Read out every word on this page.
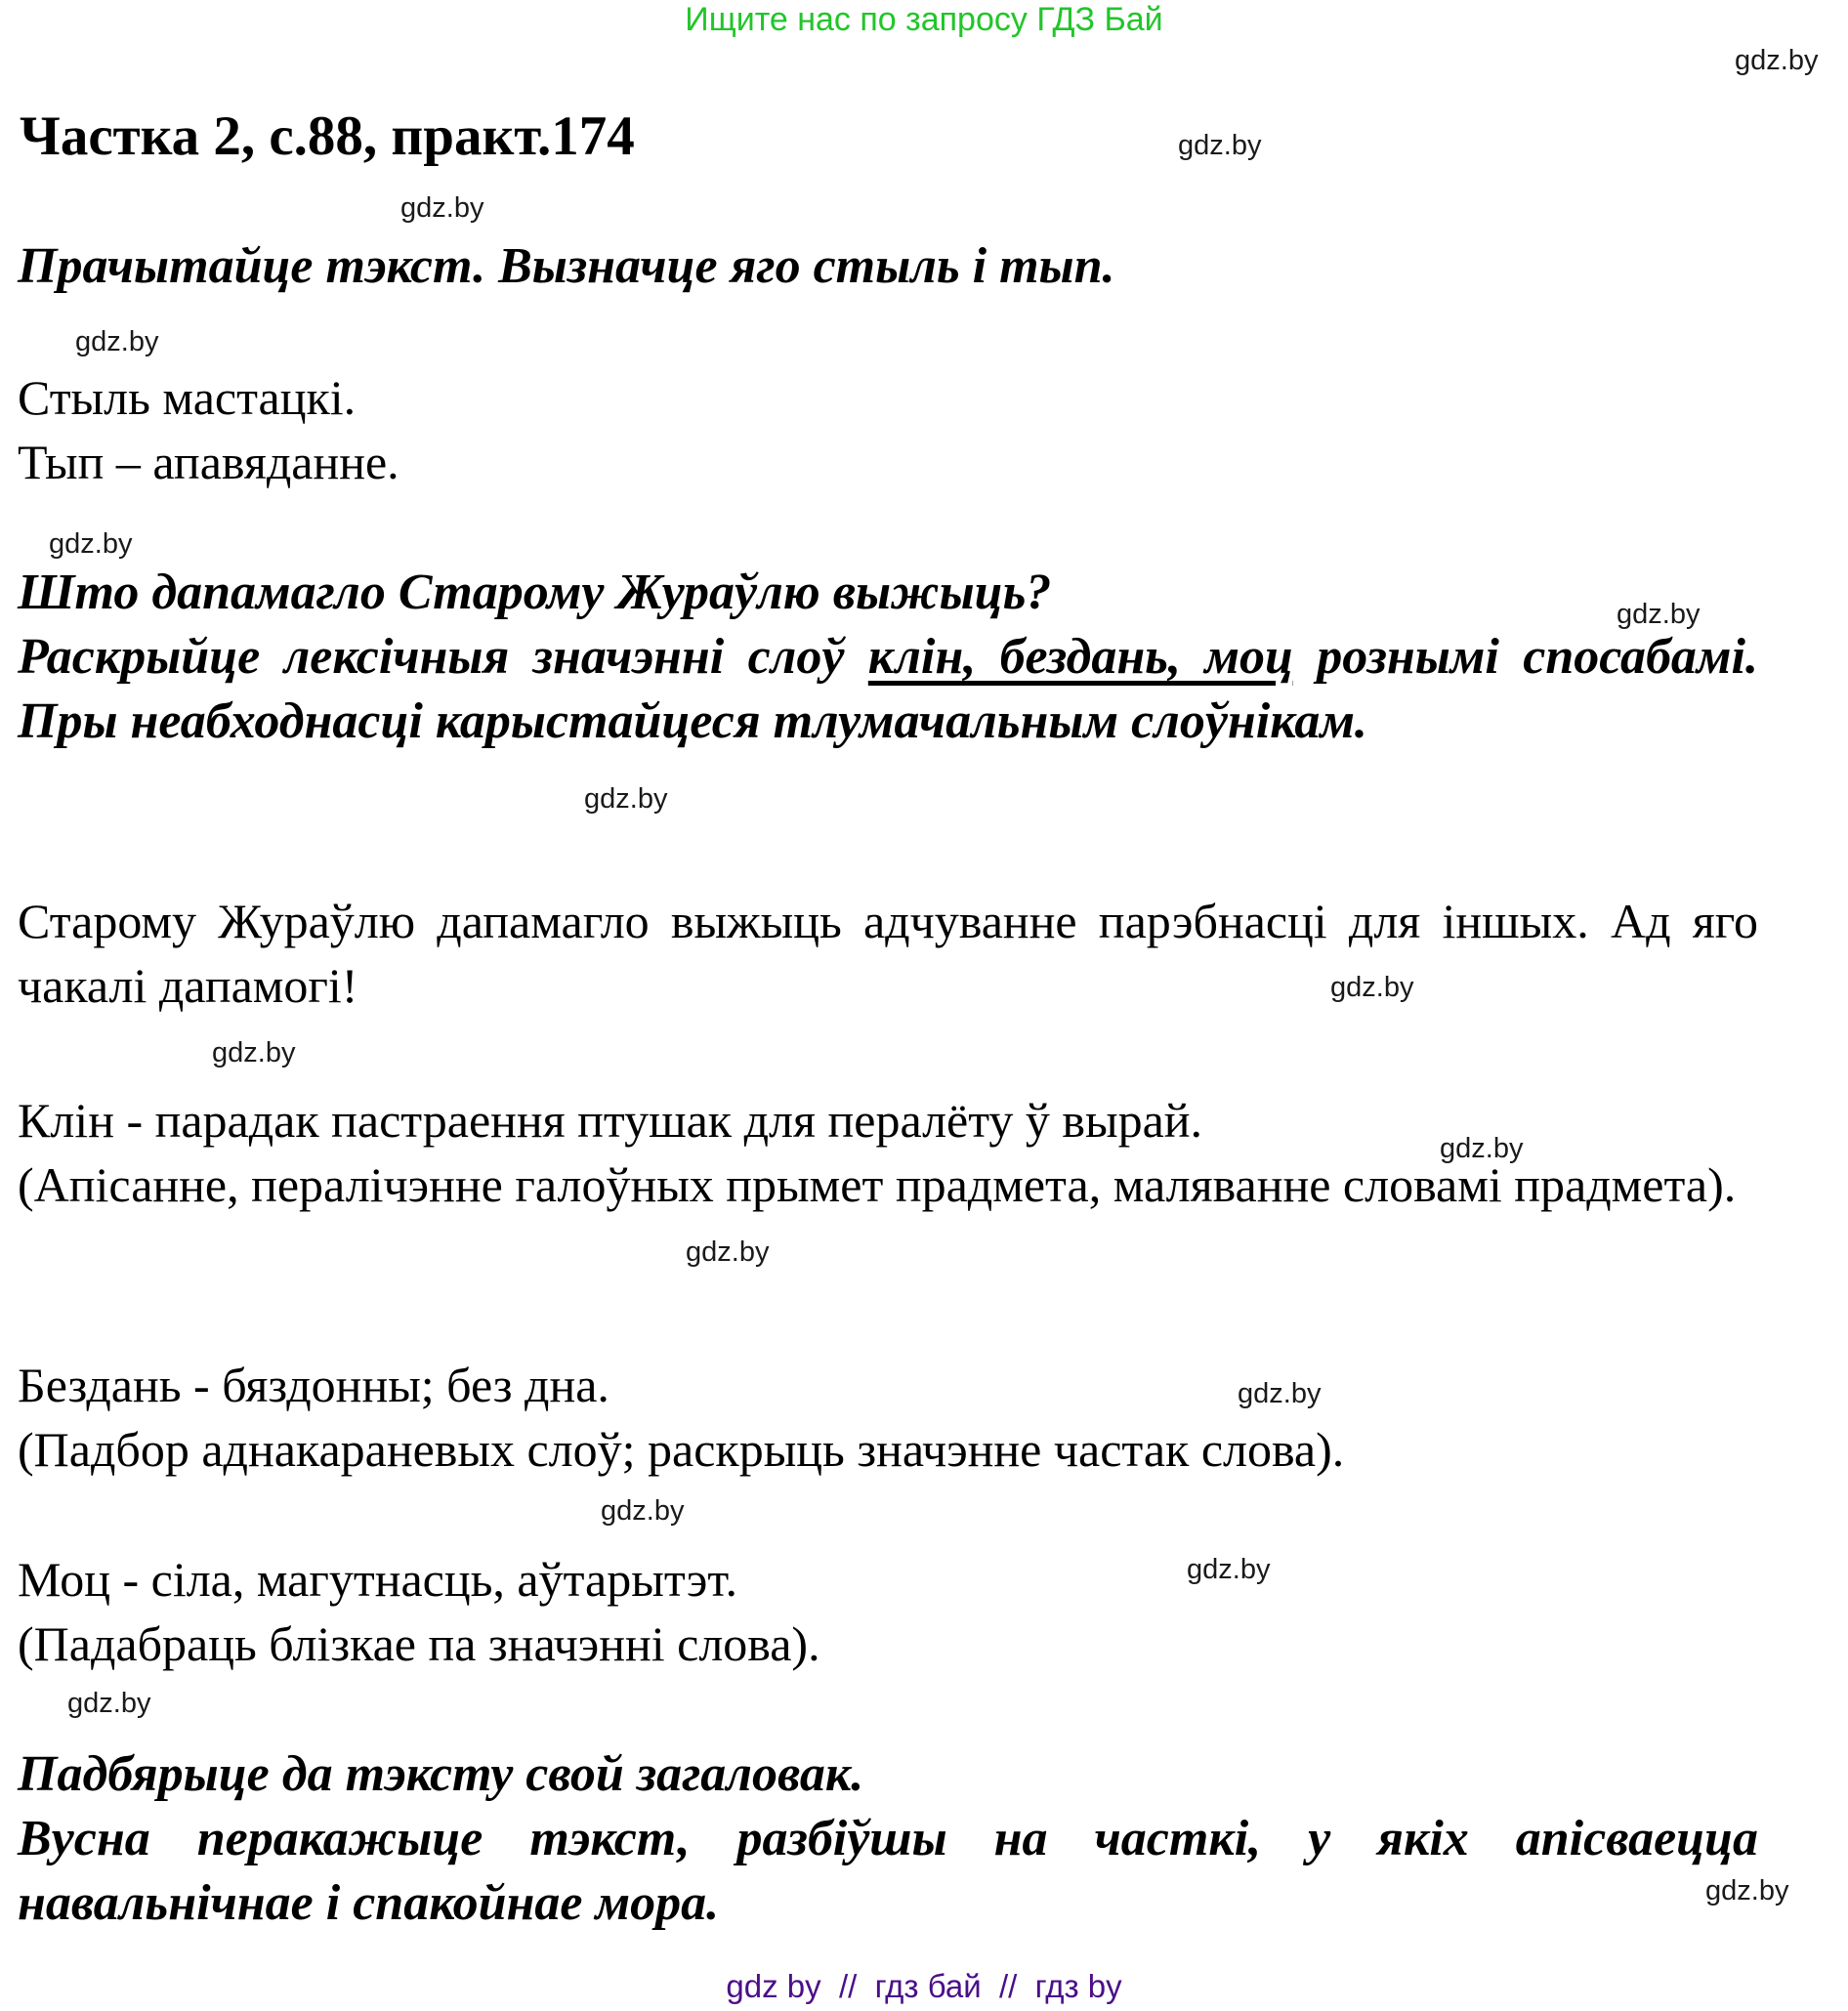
Ищите нас по запросу ГДЗ Бай
gdz.by
gdz.by
gdz.by
gdz.by
gdz.by
gdz.by
gdz.by
gdz.by
gdz.by
gdz.by
gdz.by
gdz.by
gdz.by
gdz.by
gdz.by
gdz.by
Частка 2, с.88, практ.174
Прачытайце тэкст. Вызначце яго стыль і тып.
Стыль мастацкі.
Тып – апавяданне.
Што дапамагло Старому Жураўлю выжыць?
Раскрыйце лексічныя значэнні слоў клін, бездань, моц рознымі спосабамі. Пры неабходнасці карыстайцеся тлумачальным слоўнікам.
Старому Жураўлю дапамагло выжыць адчуванне парэбнасці для іншых. Ад яго чакалі дапамогі!
Клін - парадак пастраення птушак для пералёту ў вырай.
(Апісанне, пералічэнне галоўных прымет прадмета, маляванне словамі прадмета).
Бездань - бяздонны; без дна.
(Падбор аднакараневых слоў; раскрыць значэнне частак слова).
Моц - сіла, магутнасць, аўтарытэт.
(Падабраць блізкае па значэнні слова).
Падбярыце да тэксту свой загаловак.
Вусна перакажыце тэкст, разбіўшы на часткі, у якіх апісваецца навальнічнае і спакойнае мора.
gdz by  //  гдз бай  //  гдз by
